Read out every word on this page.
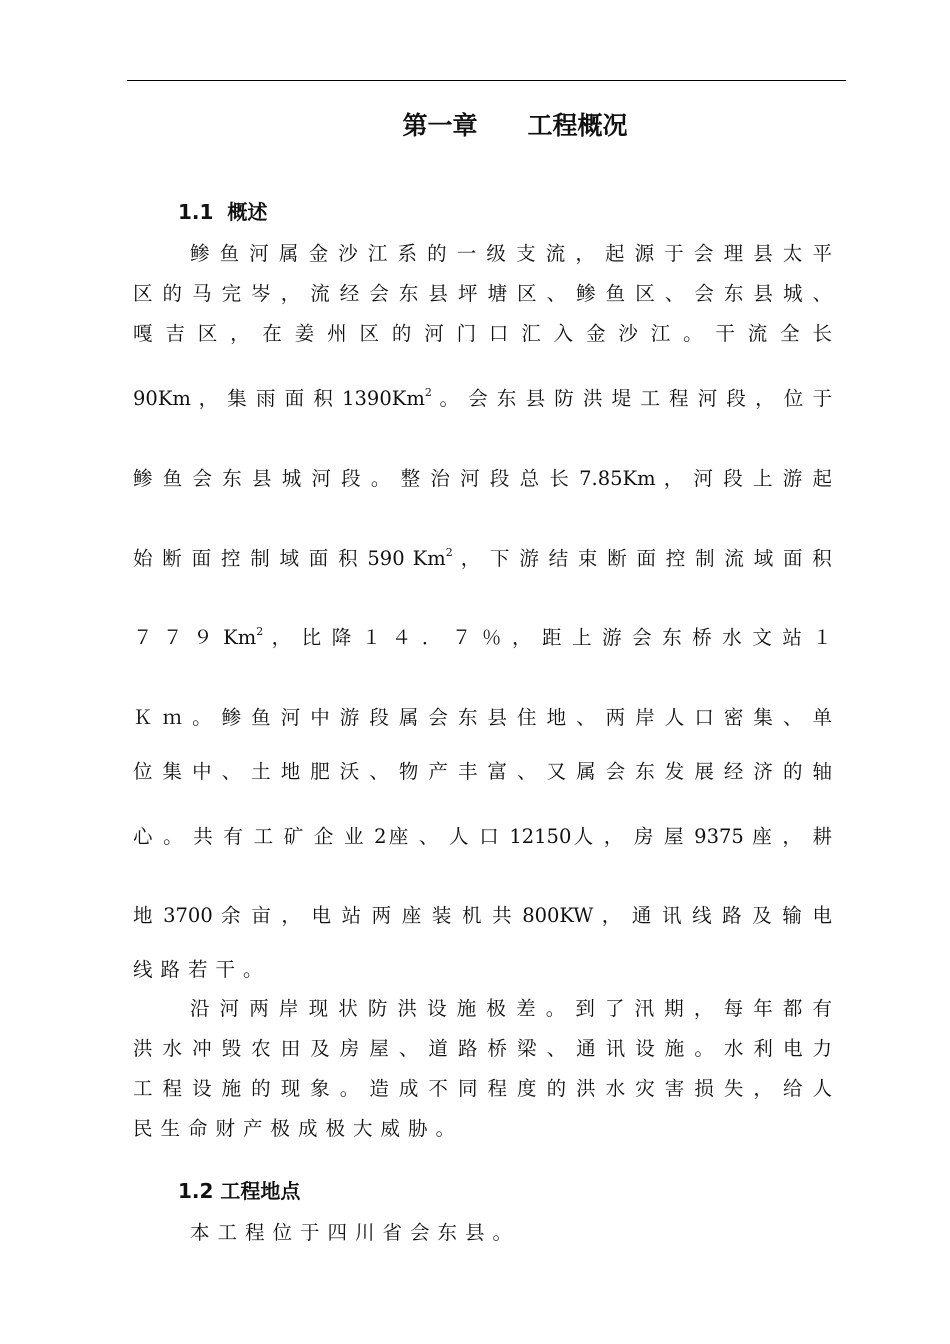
第一章　　工程概况
1.1  概述
鲹 鱼 河 属 金 沙 江 系 的 一 级 支 流 ， 起 源 于 会 理 县 太 平
区 的 马 完 岑 ， 流 经 会 东 县 坪 塘 区 、 鲹 鱼 区 、 会 东 县 城 、
嘎 吉 区 ， 在 姜 州 区 的 河 门 口 汇 入 金 沙 江 。 干 流 全 长
90Km ， 集 雨 面 积 1390Km$^2$ 。 会 东 县 防 洪 堤 工 程 河 段 ， 位 于
鲹 鱼 会 东 县 城 河 段 。 整 治 河 段 总 长 7.85Km ， 河 段 上 游 起
始 断 面 控 制 域 面 积 590 Km$^2$ ， 下 游 结 束 断 面 控 制 流 域 面 积
７ ７ ９ Km$^2$ ， 比 降 １ ４ ． ７ ％ ， 距 上 游 会 东 桥 水 文 站 １
Ｋ ｍ 。 鲹 鱼 河 中 游 段 属 会 东 县 住 地 、 两 岸 人 口 密 集 、 单
位 集 中 、 土 地 肥 沃 、 物 产 丰 富 、 又 属 会 东 发 展 经 济 的 轴
心 。 共 有 工 矿 企 业 2座 、 人 口 12150人 ， 房 屋 9375 座 ， 耕
地 3700 余 亩 ， 电 站 两 座 装 机 共 800KW ， 通 讯 线 路 及 输 电
线路若干。
沿 河 两 岸 现 状 防 洪 设 施 极 差 。 到 了 汛 期 ， 每 年 都 有
洪 水 冲 毁 农 田 及 房 屋 、 道 路 桥 梁 、 通 讯 设 施 。 水 利 电 力
工 程 设 施 的 现 象 。 造 成 不 同 程 度 的 洪 水 灾 害 损 失 ， 给 人
民生命财产极成极大威胁。
1.2 工程地点
本工程位于四川省会东县。
